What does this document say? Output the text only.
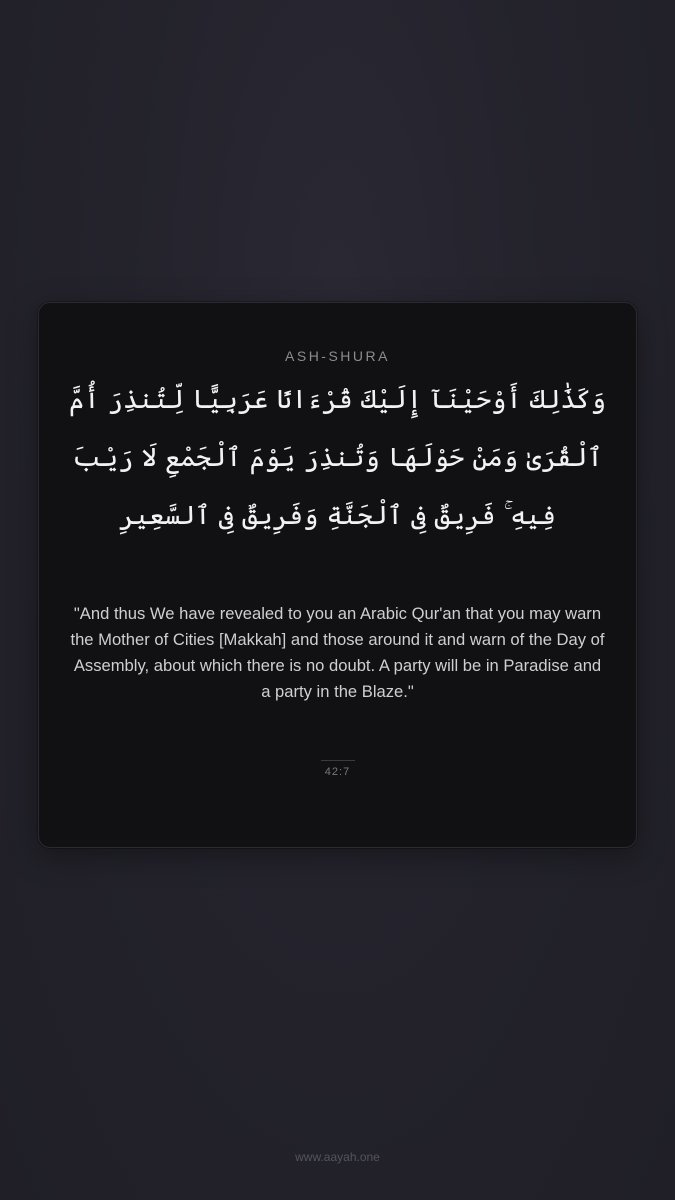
ASH-SHURA
وَكَذَٰلِكَ أَوْحَيْنَآ إِلَيْكَ قُرْءَانًا عَرَبِيًّا لِّتُنذِرَ أُمَّ ٱلْقُرَىٰ وَمَنْ حَوْلَهَا وَتُنذِرَ يَوْمَ ٱلْجَمْعِ لَا رَيْبَ فِيهِ ۚ فَرِيقٌ فِى ٱلْجَنَّةِ وَفَرِيقٌ فِى ٱلسَّعِيرِ
"And thus We have revealed to you an Arabic Qur'an that you may warn the Mother of Cities [Makkah] and those around it and warn of the Day of Assembly, about which there is no doubt. A party will be in Paradise and a party in the Blaze."
42:7
www.aayah.one
